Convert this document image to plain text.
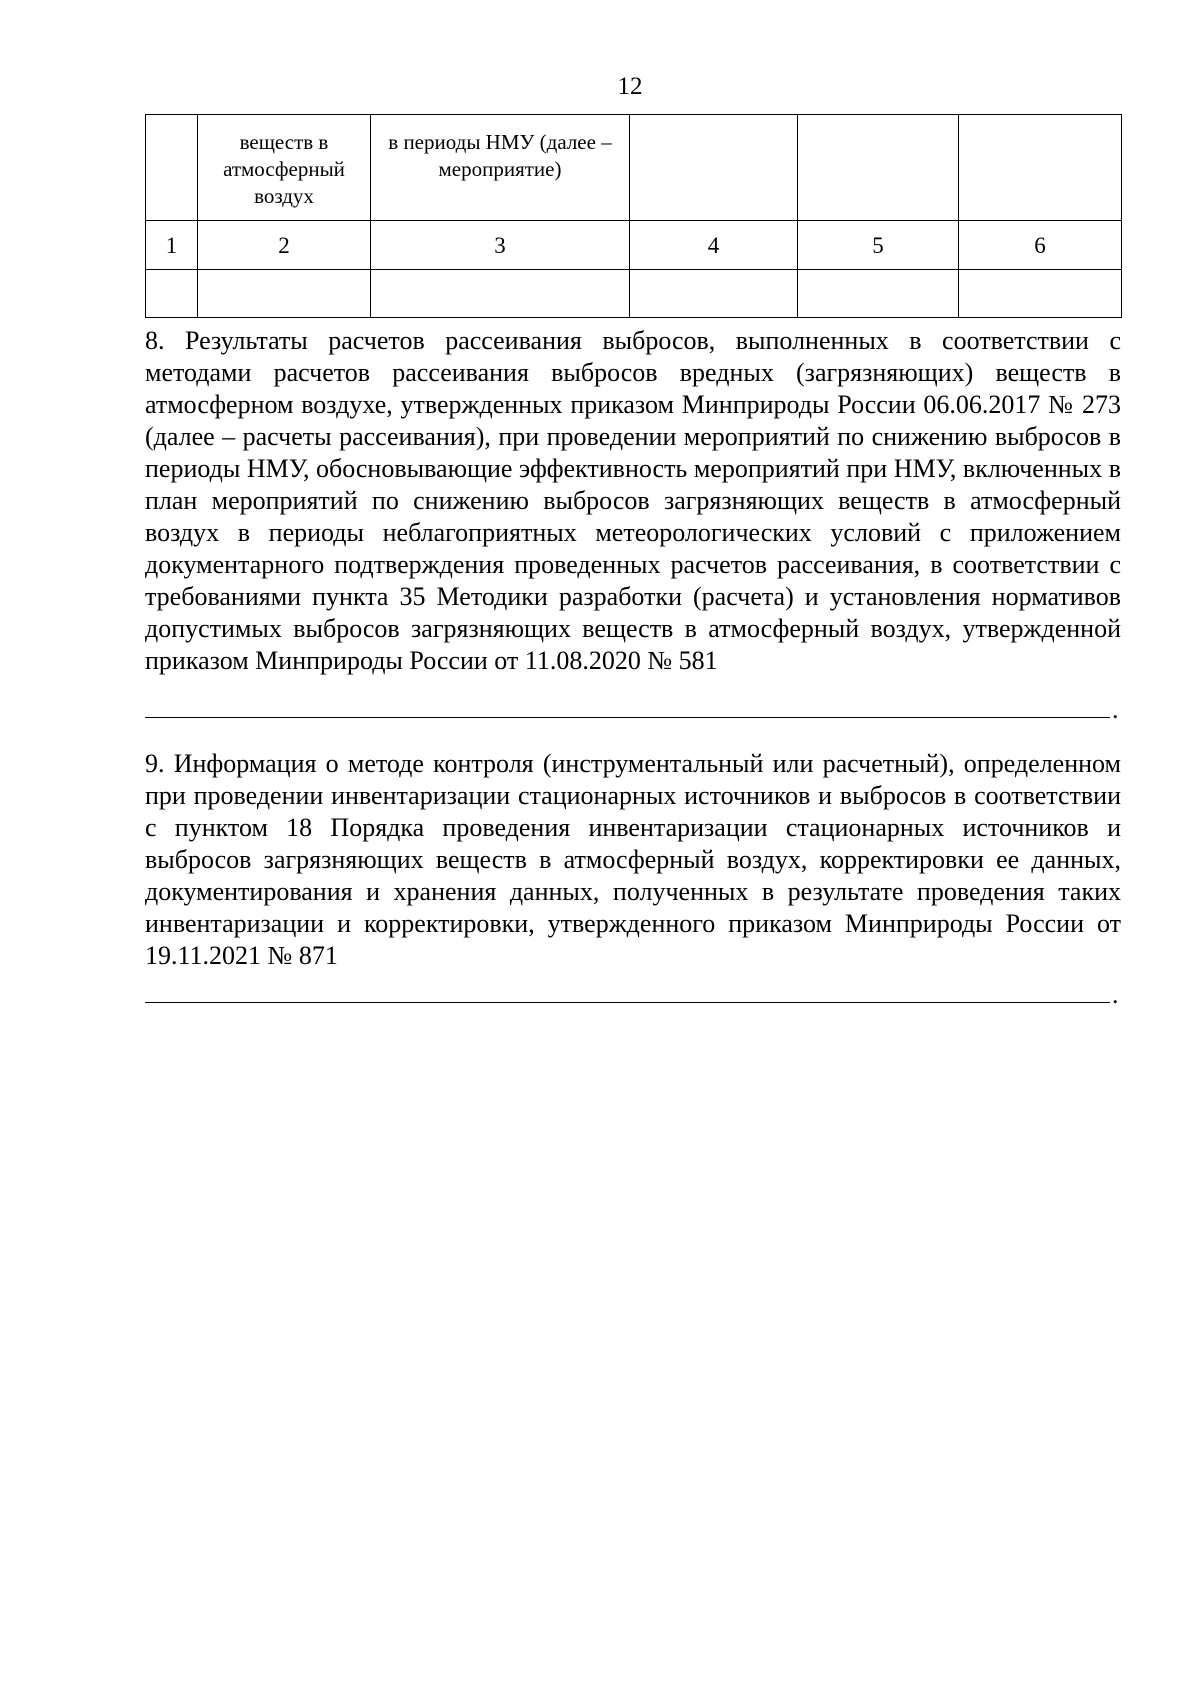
12

	веществ в атмосферный воздух	в периоды НМУ (далее – мероприятие)			

1	2	3	4	5	6

8. Результаты расчетов рассеивания выбросов, выполненных в соответствии с методами расчетов рассеивания выбросов вредных (загрязняющих) веществ в атмосферном воздухе, утвержденных приказом Минприроды России 06.06.2017 № 273 (далее – расчеты рассеивания), при проведении мероприятий по снижению выбросов в периоды НМУ, обосновывающие эффективность мероприятий при НМУ, включенных в план мероприятий по снижению выбросов загрязняющих веществ в атмосферный воздух в периоды неблагоприятных метеорологических условий с приложением документарного подтверждения проведенных расчетов рассеивания, в соответствии с требованиями пункта 35 Методики разработки (расчета) и установления нормативов допустимых выбросов загрязняющих веществ в атмосферный воздух, утвержденной приказом Минприроды России от 11.08.2020 № 581

.

9. Информация о методе контроля (инструментальный или расчетный), определенном при проведении инвентаризации стационарных источников и выбросов в соответствии с пунктом 18 Порядка проведения инвентаризации стационарных источников и выбросов загрязняющих веществ в атмосферный воздух, корректировки ее данных, документирования и хранения данных, полученных в результате проведения таких инвентаризации и корректировки, утвержденного приказом Минприроды России от 19.11.2021 № 871

.
